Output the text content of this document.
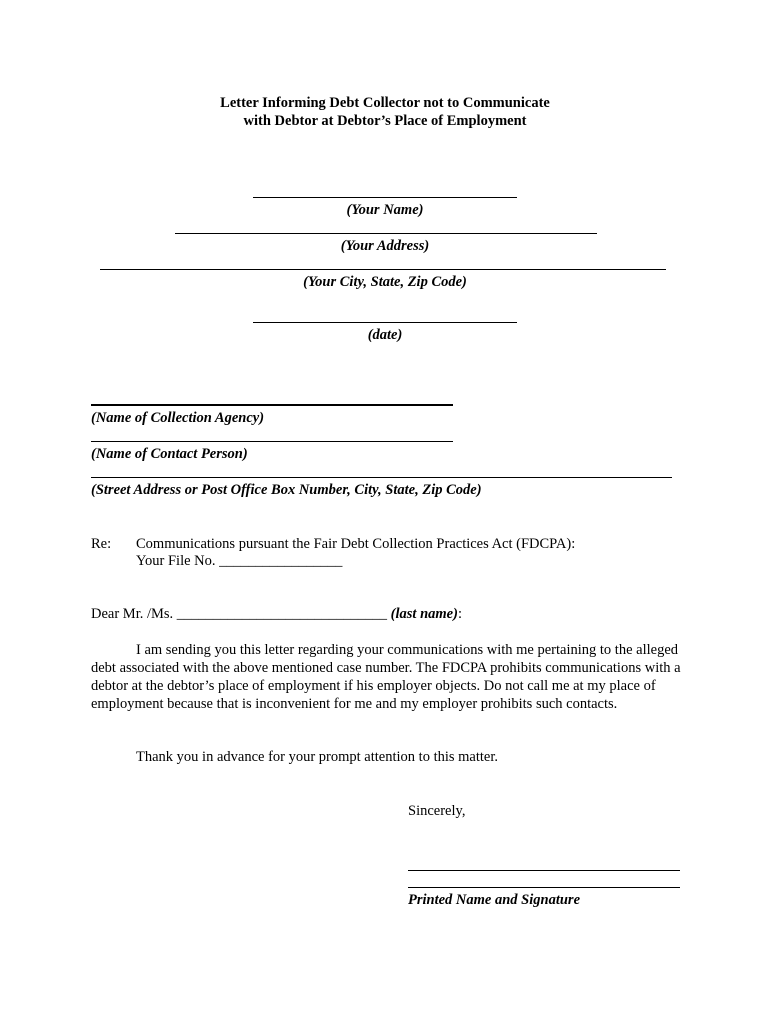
Letter Informing Debt Collector not to Communicate
with Debtor at Debtor’s Place of Employment
(Your Name)
(Your Address)
(Your City, State, Zip Code)
(date)
(Name of Collection Agency)
(Name of Contact Person)
(Street Address or Post Office Box Number, City, State, Zip Code)
Re: Communications pursuant the Fair Debt Collection Practices Act (FDCPA):
Your File No. _________________
Dear Mr. /Ms. _____________________________ (last name):
I am sending you this letter regarding your communications with me pertaining to the alleged debt associated with the above mentioned case number. The FDCPA prohibits communications with a debtor at the debtor’s place of employment if his employer objects. Do not call me at my place of employment because that is inconvenient for me and my employer prohibits such contacts.
Thank you in advance for your prompt attention to this matter.
Sincerely,
Printed Name and Signature
